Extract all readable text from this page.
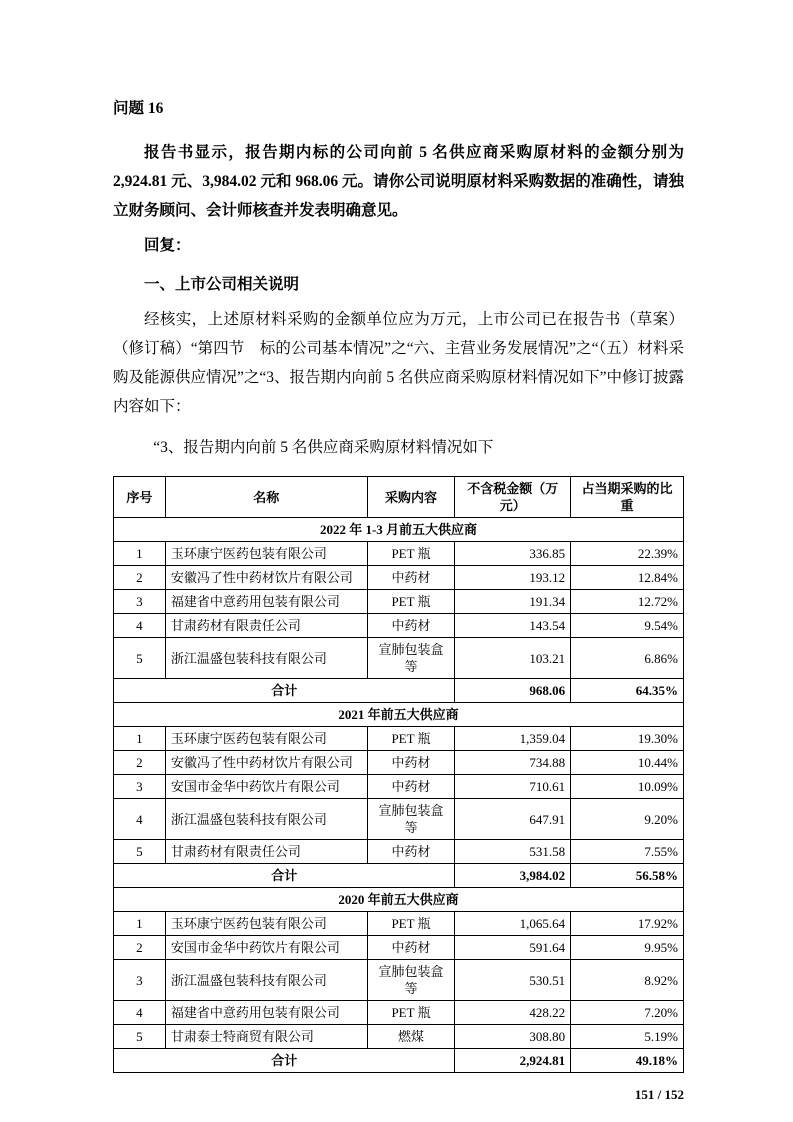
问题 16

报告书显示，报告期内标的公司向前 5 名供应商采购原材料的金额分别为 2,924.81 元、3,984.02 元和 968.06 元。请你公司说明原材料采购数据的准确性，请独立财务顾问、会计师核查并发表明确意见。

回复：
一、上市公司相关说明

经核实，上述原材料采购的金额单位应为万元，上市公司已在报告书（草案）（修订稿）“第四节　标的公司基本情况”之“六、主营业务发展情况”之“（五）材料采购及能源供应情况”之“3、报告期内向前 5 名供应商采购原材料情况如下”中修订披露内容如下：

“3、报告期内向前 5 名供应商采购原材料情况如下
序号	名称	采购内容	不含税金额（万元）	占当期采购的比重
2022 年 1-3 月前五大供应商				
1	玉环康宁医药包装有限公司	PET 瓶	336.85	22.39%
2	安徽冯了性中药材饮片有限公司	中药材	193.12	12.84%
3	福建省中意药用包装有限公司	PET 瓶	191.34	12.72%
4	甘肃药材有限责任公司	中药材	143.54	9.54%
5	浙江温盛包装科技有限公司	宣肺包装盒等	103.21	6.86%
合计			968.06	64.35%
2021 年前五大供应商				
1	玉环康宁医药包装有限公司	PET 瓶	1,359.04	19.30%
2	安徽冯了性中药材饮片有限公司	中药材	734.88	10.44%
3	安国市金华中药饮片有限公司	中药材	710.61	10.09%
4	浙江温盛包装科技有限公司	宣肺包装盒等	647.91	9.20%
5	甘肃药材有限责任公司	中药材	531.58	7.55%
合计			3,984.02	56.58%
2020 年前五大供应商				
1	玉环康宁医药包装有限公司	PET 瓶	1,065.64	17.92%
2	安国市金华中药饮片有限公司	中药材	591.64	9.95%
3	浙江温盛包装科技有限公司	宣肺包装盒等	530.51	8.92%
4	福建省中意药用包装有限公司	PET 瓶	428.22	7.20%
5	甘肃泰士特商贸有限公司	燃煤	308.80	5.19%
合计			2,924.81	49.18%
151 / 152
